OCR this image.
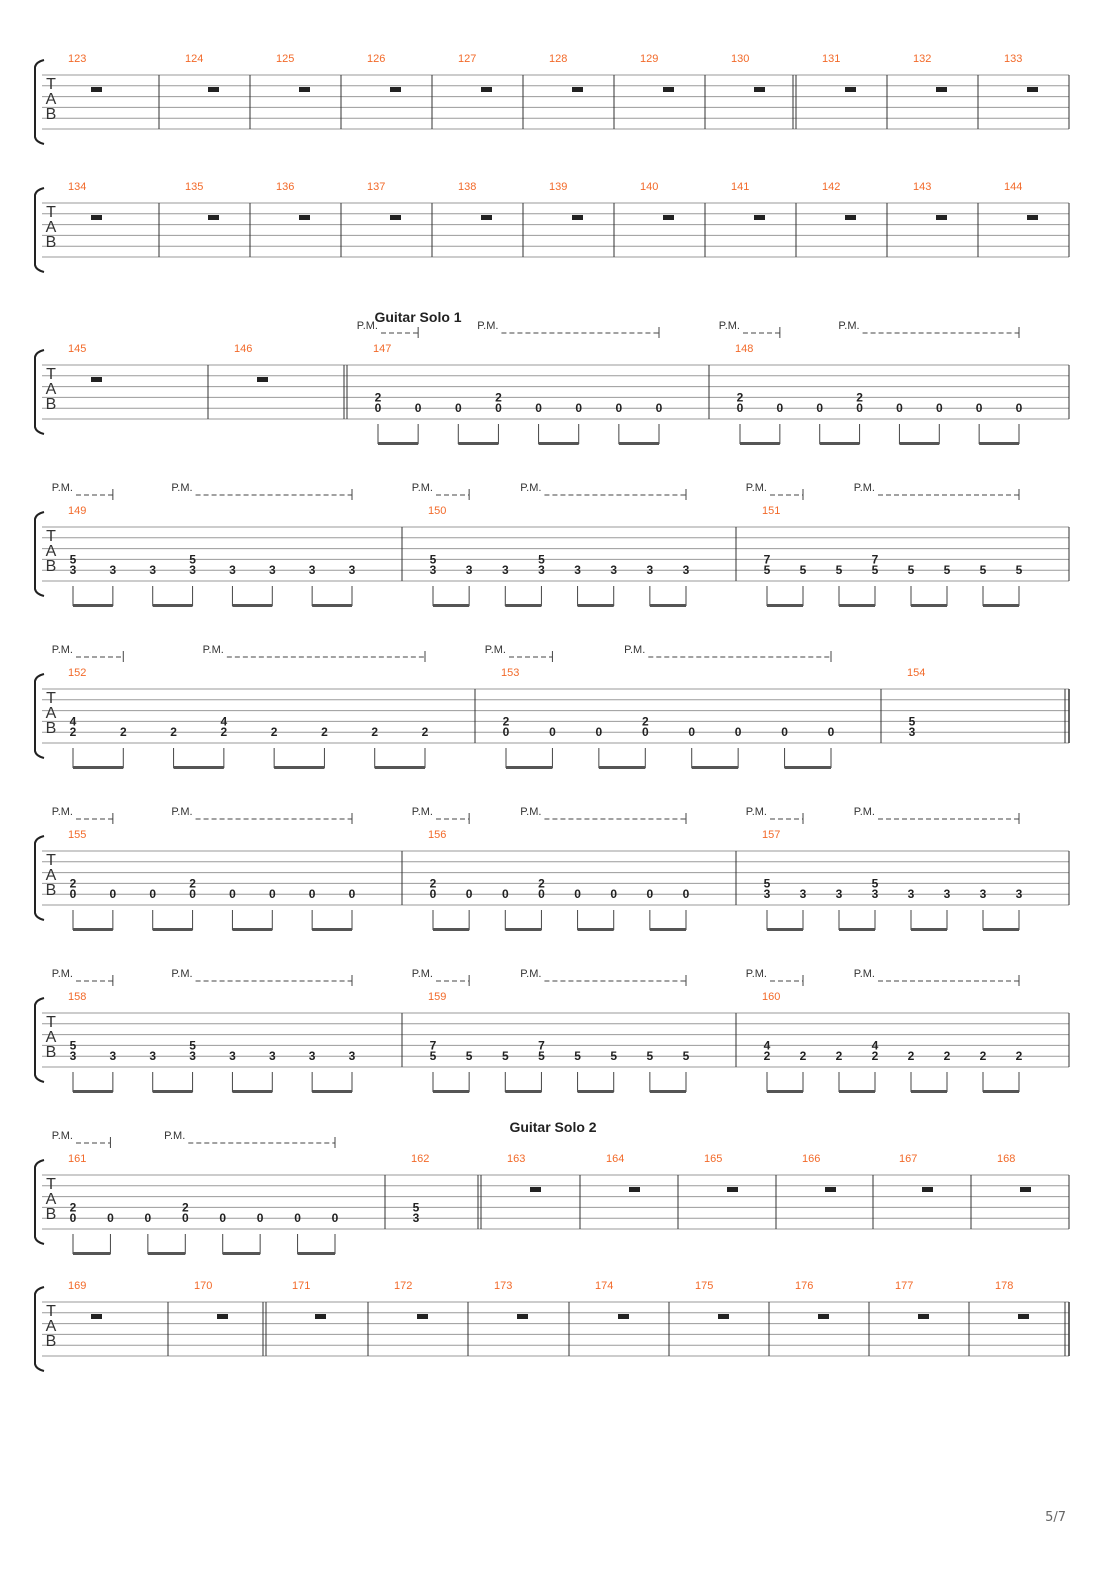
T
A
B
123	124	125	126	127	128	129	130	131	132	133
T
A
B
134	135	136	137	138	139	140	141	142	143	144
T
A
B
Guitar Solo 1
145	146	147
2
0	0	0
2
0	0	0	0	0
P.M.	P.M.
148
2
0	0	0
2
0	0	0	0	0
P.M.	P.M.
T
A
B
149
5
3	3	3
5
3	3	3	3	3
P.M.	P.M.
150
5
3 3 3
5
3 3 3 3 3
P.M.	P.M.
151
7
5 5 5
7
5 5 5 5 5
P.M.	P.M.
T
A
B
152
4
2	2	2
4
2	2	2	2	2
P.M.	P.M.
153
2
0	0	0
2
0	0	0	0	0
P.M.	P.M.
154
5
3
T
A
B
155
2
0	0	0
2
0	0	0	0	0
P.M.	P.M.
156
2
0 0 0
2
0 0 0 0 0
P.M.	P.M.
157
5
3 3 3
5
3 3 3 3 3
P.M.	P.M.
T
A
B
158
5
3	3	3
5
3	3	3	3	3
P.M.	P.M.
159
7
5 5 5
7
5 5 5 5 5
P.M.	P.M.
160
4
2 2 2
4
2 2 2 2 2
P.M.	P.M.
T
A
B
Guitar Solo 2
161
2
0	0	0
2
0	0	0	0	0
P.M.	P.M.
162
5
3
163	164	165	166	167	168
T
A
B
169	170	171	172	173	174	175	176	177	178
5/7
